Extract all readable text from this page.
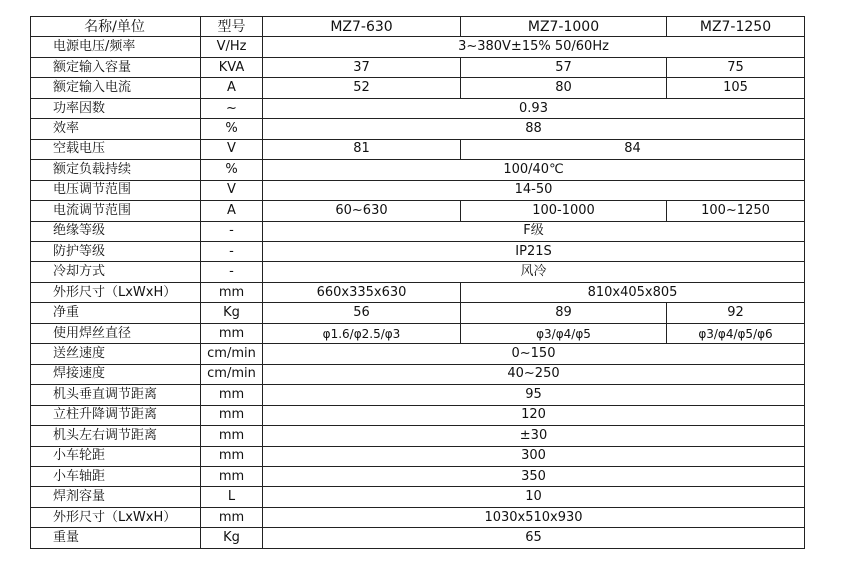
名称/单位	型号	MZ7-630	MZ7-1000	MZ7-1250
电源电压/频率	V/Hz	3~380V±15% 50/60Hz		
额定输入容量	KVA	37	57	75
额定输入电流	A	52	80	105
功率因数	~	0.93		
效率	%	88		
空载电压	V	81	84	
额定负载持续	%	100/40℃		
电压调节范围	V	14-50		
电流调节范围	A	60~630	100-1000	100~1250
绝缘等级	-	F级		
防护等级	-	IP21S		
冷却方式	-	风冷		
外形尺寸（LxWxH）	mm	660x335x630	810x405x805	
净重	Kg	56	89	92
使用焊丝直径	mm	φ1.6/φ2.5/φ3	φ3/φ4/φ5	φ3/φ4/φ5/φ6
送丝速度	cm/min	0~150		
焊接速度	cm/min	40~250		
机头垂直调节距离	mm	95		
立柱升降调节距离	mm	120		
机头左右调节距离	mm	±30		
小车轮距	mm	300		
小车轴距	mm	350		
焊剂容量	L	10		
外形尺寸（LxWxH）	mm	1030x510x930		
重量	Kg	65		
